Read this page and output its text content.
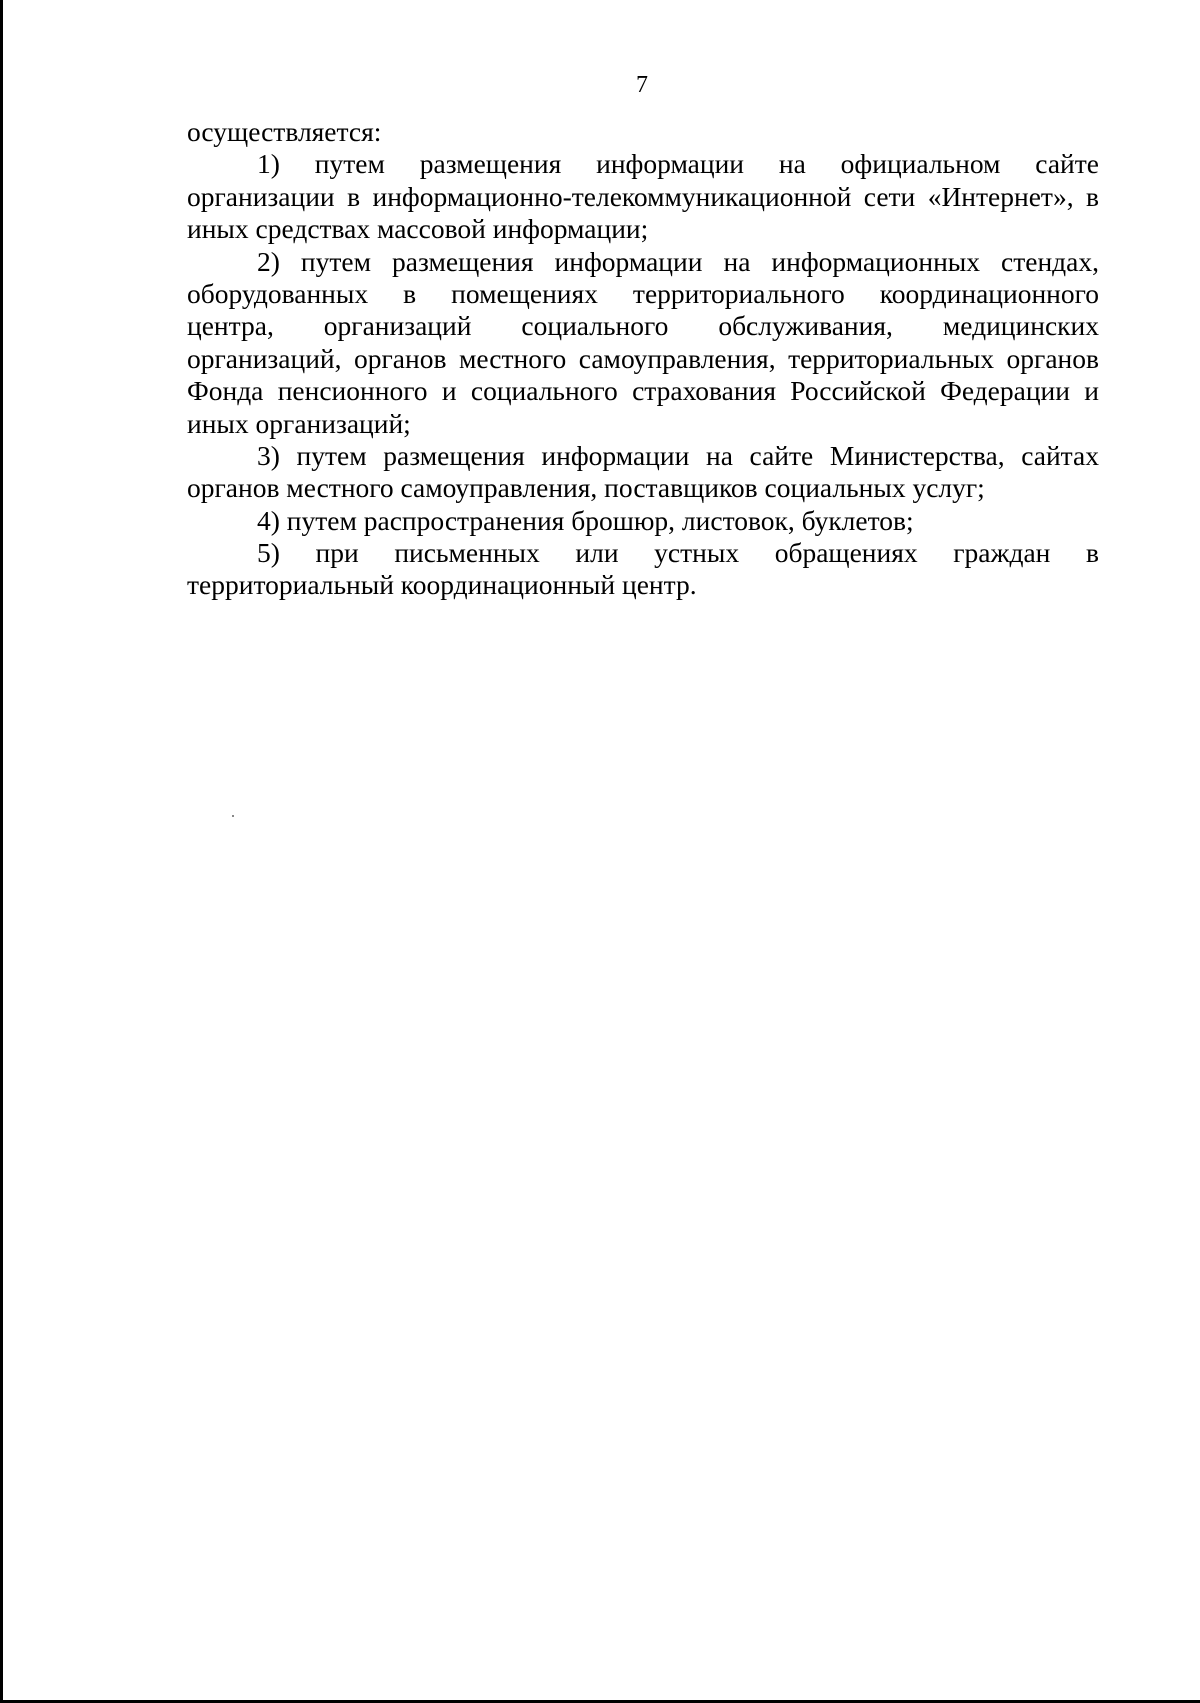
7
осуществляется:
1) путем размещения информации на официальном сайте
организации в информационно-телекоммуникационной сети «Интернет», в
иных средствах массовой информации;
2) путем размещения информации на информационных стендах,
оборудованных в помещениях территориального координационного
центра, организаций социального обслуживания, медицинских
организаций, органов местного самоуправления, территориальных органов
Фонда пенсионного и социального страхования Российской Федерации и
иных организаций;
3) путем размещения информации на сайте Министерства, сайтах
органов местного самоуправления, поставщиков социальных услуг;
4) путем распространения брошюр, листовок, буклетов;
5) при письменных или устных обращениях граждан в
территориальный координационный центр.
